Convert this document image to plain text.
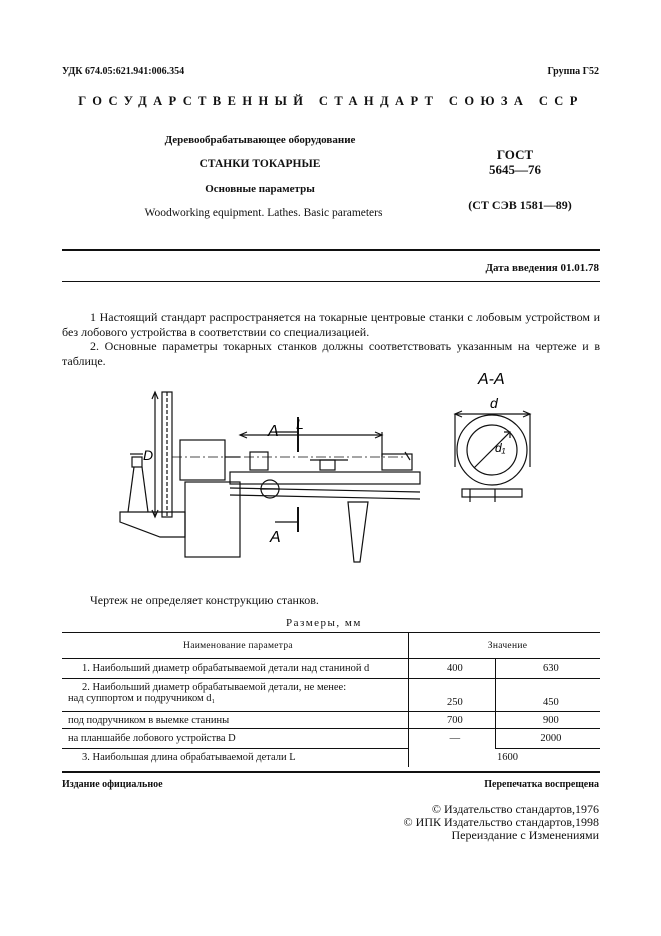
УДК 674.05:621.941:006.354	Группа Г52
ГОСУДАРСТВЕННЫЙ СТАНДАРТ СОЮЗА ССР
Деревообрабатывающее оборудование
СТАНКИ ТОКАРНЫЕ
Основные параметры
Woodworking equipment. Lathes. Basic parameters
ГОСТ
5645—76
(СТ СЭВ 1581—89)
Дата введения 01.01.78
1 Настоящий стандарт распространяется на токарные центровые станки с лобовым устройством и без лобового устройства в соответствии со специализацией.
2. Основные параметры токарных станков должны соответствовать указанным на чертеже и в таблице.
А-А
А
А
L
D
d
d₁
Чертеж не определяет конструкцию станков.
Размеры, мм
Наименование параметра	Значение	
1. Наибольший диаметр обрабатываемой детали над станиной d	400	630

2. Наибольший диаметр обрабатываемой детали, не менее:
над суппортом и подручником d₁	250	450
под подручником в выемке станины	700	900
на планшайбе лобового устройства D	—	2000
3. Наибольшая длина обрабатываемой детали L	1600	
Издание официальное	Перепечатка воспрещена
© Издательство стандартов,1976
© ИПК Издательство стандартов,1998
Переиздание с Изменениями
